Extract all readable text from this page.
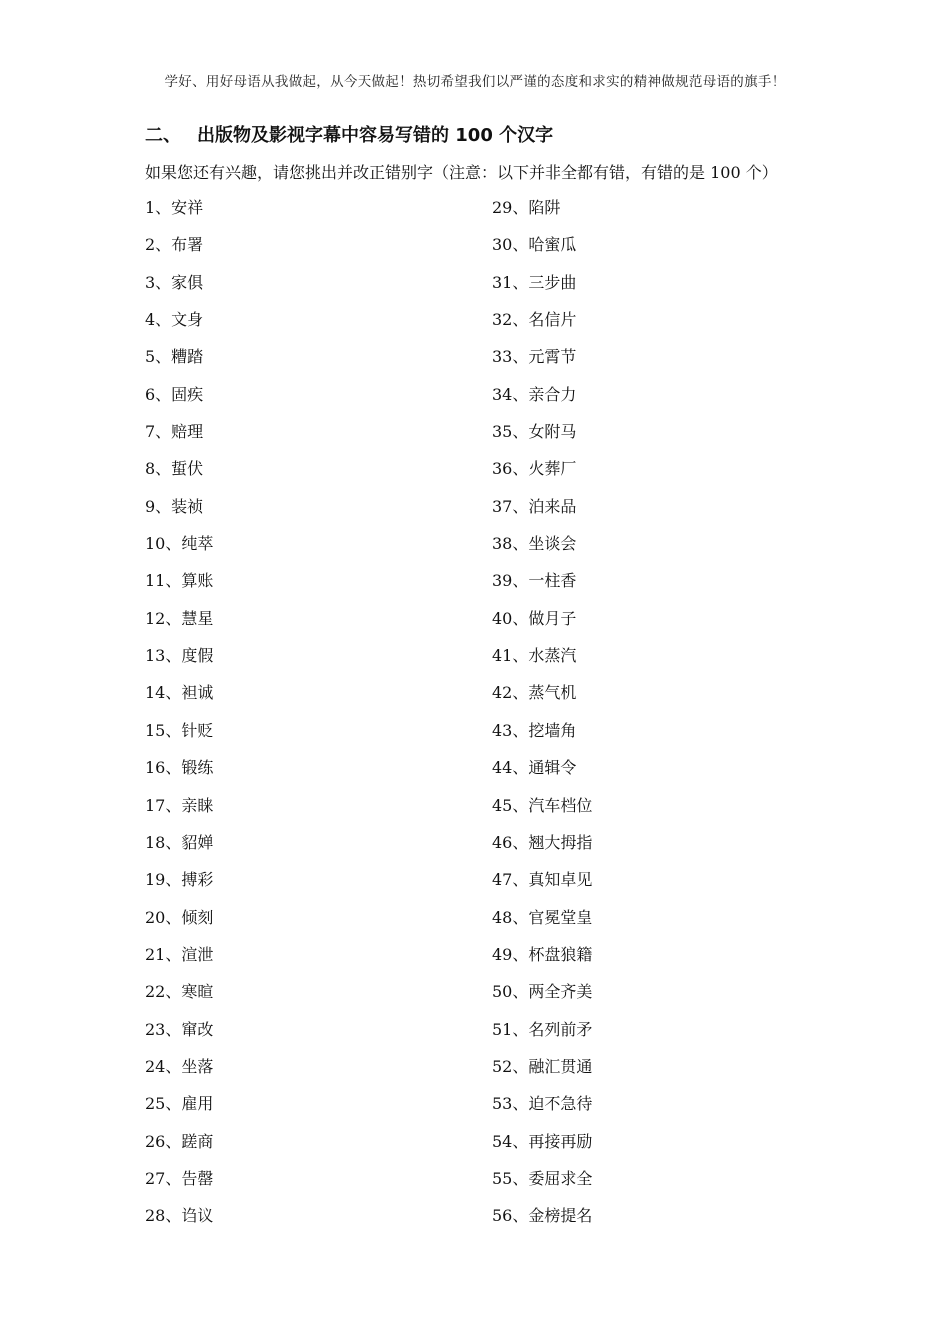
学好、用好母语从我做起，从今天做起！热切希望我们以严谨的态度和求实的精神做规范母语的旗手！
二、 出版物及影视字幕中容易写错的 100 个汉字
如果您还有兴趣，请您挑出并改正错别字（注意：以下并非全都有错，有错的是 100 个）
1、安祥
2、布署
3、家俱
4、文身
5、糟踏
6、固疾
7、赔理
8、蜇伏
9、装祯
10、纯萃
11、算账
12、慧星
13、度假
14、袒诚
15、针贬
16、锻练
17、亲睐
18、貂婵
19、搏彩
20、倾刻
21、渲泄
22、寒暄
23、窜改
24、坐落
25、雇用
26、蹉商
27、告罄
28、诌议
29、陷阱
30、哈蜜瓜
31、三步曲
32、名信片
33、元霄节
34、亲合力
35、女附马
36、火葬厂
37、泊来品
38、坐谈会
39、一柱香
40、做月子
41、水蒸汽
42、蒸气机
43、挖墙角
44、通辑令
45、汽车档位
46、翘大拇指
47、真知卓见
48、官冕堂皇
49、杯盘狼籍
50、两全齐美
51、名列前矛
52、融汇贯通
53、迫不急待
54、再接再励
55、委屈求全
56、金榜提名
